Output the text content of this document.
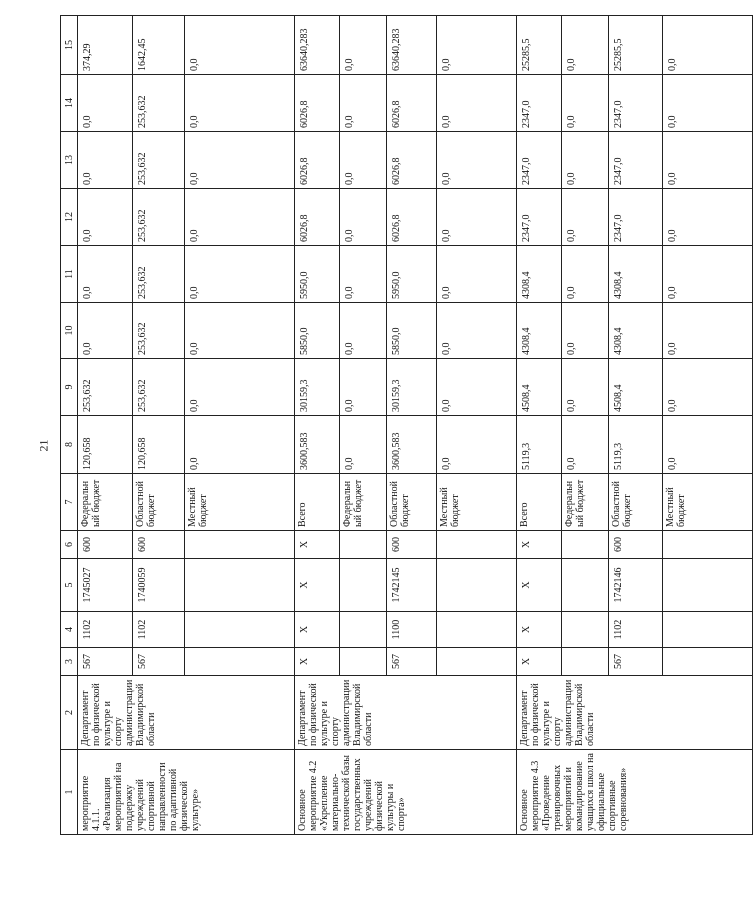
21
1	2	3	4	5	6	7	8	9	10	11	12	13	14	15
мероприятие 4.1.1. «Реализация мероприятий на поддержку учреждений спортивной направленности по адаптивной физической культуре»	Департамент по физической культуре и спорту администрации Владимирской области	567	1102	1745027	600	Федеральн ый бюджет	120,658	253,632	0,0	0,0	0,0	0,0	0,0	374,29
		567	1102	1740059	600	Областной бюджет	120,658	253,632	253,632	253,632	253,632	253,632	253,632	1642,45
						Местный бюджет	0,0	0,0	0,0	0,0	0,0	0,0	0,0	0,0
Основное мероприятие 4.2 «Укрепление материально-технической базы государственных учреждений физической культуры и спорта»	Департамент по физической культуре и спорту администрации Владимирской области	X	X	X	X	Всего	3600,583	30159,3	5850,0	5950,0	6026,8	6026,8	6026,8	63640,283
						Федеральн ый бюджет	0,0	0,0	0,0	0,0	0,0	0,0	0,0	0,0
		567	1100	1742145	600	Областной бюджет	3600,583	30159,3	5850,0	5950,0	6026,8	6026,8	6026,8	63640,283
						Местный бюджет	0,0	0,0	0,0	0,0	0,0	0,0	0,0	0,0
Основное мероприятие 4.3 «Проведение тренировочных мероприятий и командирование учащихся школ на официальные спортивные соревнования»	Департамент по физической культуре и спорту администрации Владимирской области	X	X	X	X	Всего	5119,3	4508,4	4308,4	4308,4	2347,0	2347,0	2347,0	25285,5
						Федеральн ый бюджет	0,0	0,0	0,0	0,0	0,0	0,0	0,0	0,0
		567	1102	1742146	600	Областной бюджет	5119,3	4508,4	4308,4	4308,4	2347,0	2347,0	2347,0	25285,5
						Местный бюджет	0,0	0,0	0,0	0,0	0,0	0,0	0,0	0,0
